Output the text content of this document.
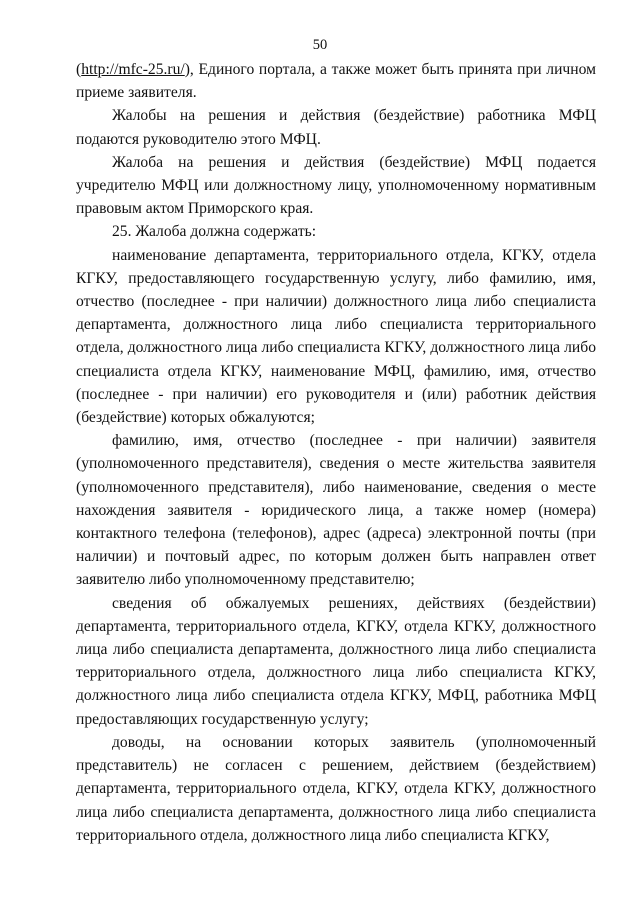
50

(http://mfc-25.ru/), Единого портала, а также может быть принята при личном приеме заявителя.

Жалобы на решения и действия (бездействие) работника МФЦ подаются руководителю этого МФЦ.

Жалоба на решения и действия (бездействие) МФЦ подается учредителю МФЦ или должностному лицу, уполномоченному нормативным правовым актом Приморского края.

25. Жалоба должна содержать:

наименование департамента, территориального отдела, КГКУ, отдела КГКУ, предоставляющего государственную услугу, либо фамилию, имя, отчество (последнее - при наличии) должностного лица либо специалиста департамента, должностного лица либо специалиста территориального отдела, должностного лица либо специалиста КГКУ, должностного лица либо специалиста отдела КГКУ, наименование МФЦ, фамилию, имя, отчество (последнее - при наличии) его руководителя и (или) работник действия (бездействие) которых обжалуются;

фамилию, имя, отчество (последнее - при наличии) заявителя (уполномоченного представителя), сведения о месте жительства заявителя (уполномоченного представителя), либо наименование, сведения о месте нахождения заявителя - юридического лица, а также номер (номера) контактного телефона (телефонов), адрес (адреса) электронной почты (при наличии) и почтовый адрес, по которым должен быть направлен ответ заявителю либо уполномоченному представителю;

сведения об обжалуемых решениях, действиях (бездействии) департамента, территориального отдела, КГКУ, отдела КГКУ, должностного лица либо специалиста департамента, должностного лица либо специалиста территориального отдела, должностного лица либо специалиста КГКУ, должностного лица либо специалиста отдела КГКУ, МФЦ, работника МФЦ предоставляющих государственную услугу;

доводы, на основании которых заявитель (уполномоченный представитель) не согласен с решением, действием (бездействием) департамента, территориального отдела, КГКУ, отдела КГКУ, должностного лица либо специалиста департамента, должностного лица либо специалиста территориального отдела, должностного лица либо специалиста КГКУ,
